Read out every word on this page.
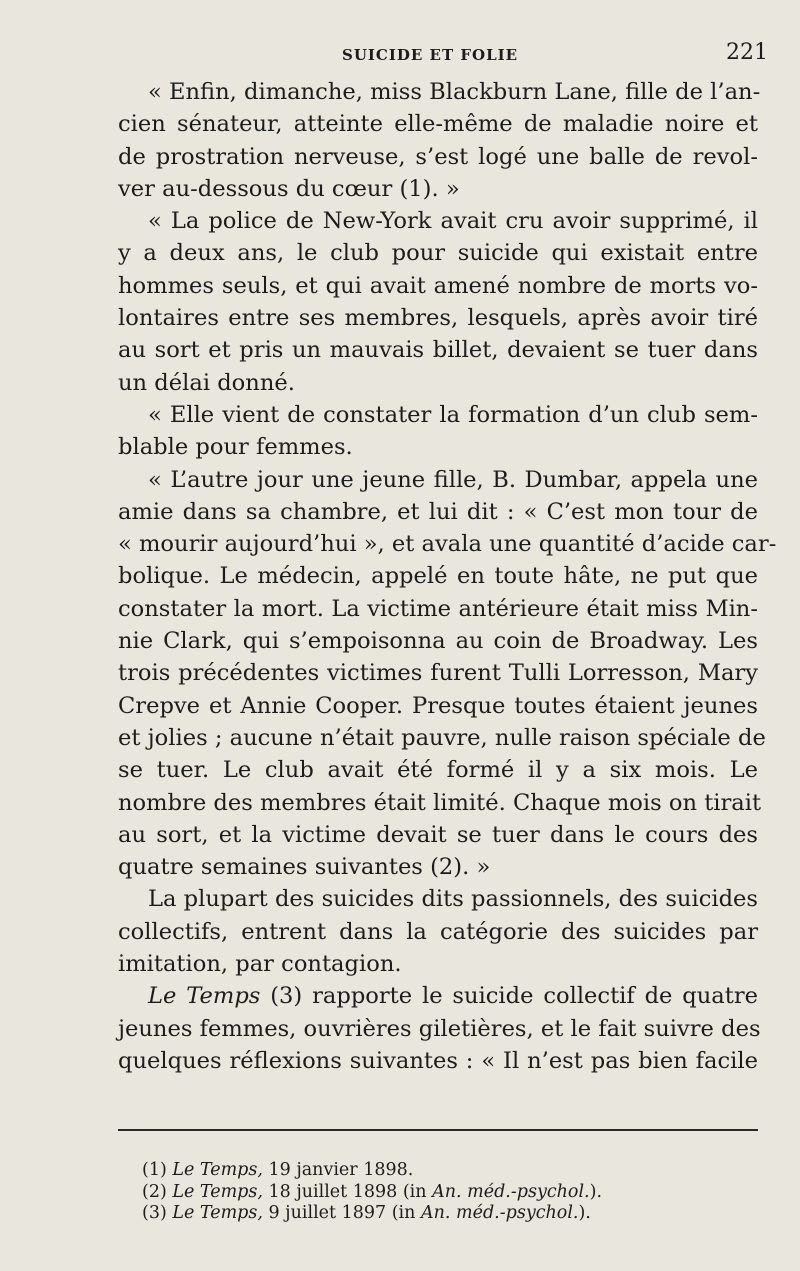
SUICIDE ET FOLIE	221
« Enfin, dimanche, miss Blackburn Lane, fille de l’an-
cien sénateur, atteinte elle-même de maladie noire et
de prostration nerveuse, s’est logé une balle de revol-
ver au-dessous du cœur (1). »
« La police de New-York avait cru avoir supprimé, il
y a deux ans, le club pour suicide qui existait entre
hommes seuls, et qui avait amené nombre de morts vo-
lontaires entre ses membres, lesquels, après avoir tiré
au sort et pris un mauvais billet, devaient se tuer dans
un délai donné.
« Elle vient de constater la formation d’un club sem-
blable pour femmes.
« L’autre jour une jeune fille, B. Dumbar, appela une
amie dans sa chambre, et lui dit : « C’est mon tour de
« mourir aujourd’hui », et avala une quantité d’acide car-
bolique. Le médecin, appelé en toute hâte, ne put que
constater la mort. La victime antérieure était miss Min-
nie Clark, qui s’empoisonna au coin de Broadway. Les
trois précédentes victimes furent Tulli Lorresson, Mary
Crepve et Annie Cooper. Presque toutes étaient jeunes
et jolies ; aucune n’était pauvre, nulle raison spéciale de
se tuer. Le club avait été formé il y a six mois. Le
nombre des membres était limité. Chaque mois on tirait
au sort, et la victime devait se tuer dans le cours des
quatre semaines suivantes (2). »
La plupart des suicides dits passionnels, des suicides
collectifs, entrent dans la catégorie des suicides par
imitation, par contagion.
Le Temps (3) rapporte le suicide collectif de quatre
jeunes femmes, ouvrières giletières, et le fait suivre des
quelques réflexions suivantes : « Il n’est pas bien facile
(1) Le Temps, 19 janvier 1898.
(2) Le Temps, 18 juillet 1898 (in An. méd.-psychol.).
(3) Le Temps, 9 juillet 1897 (in An. méd.-psychol.).
